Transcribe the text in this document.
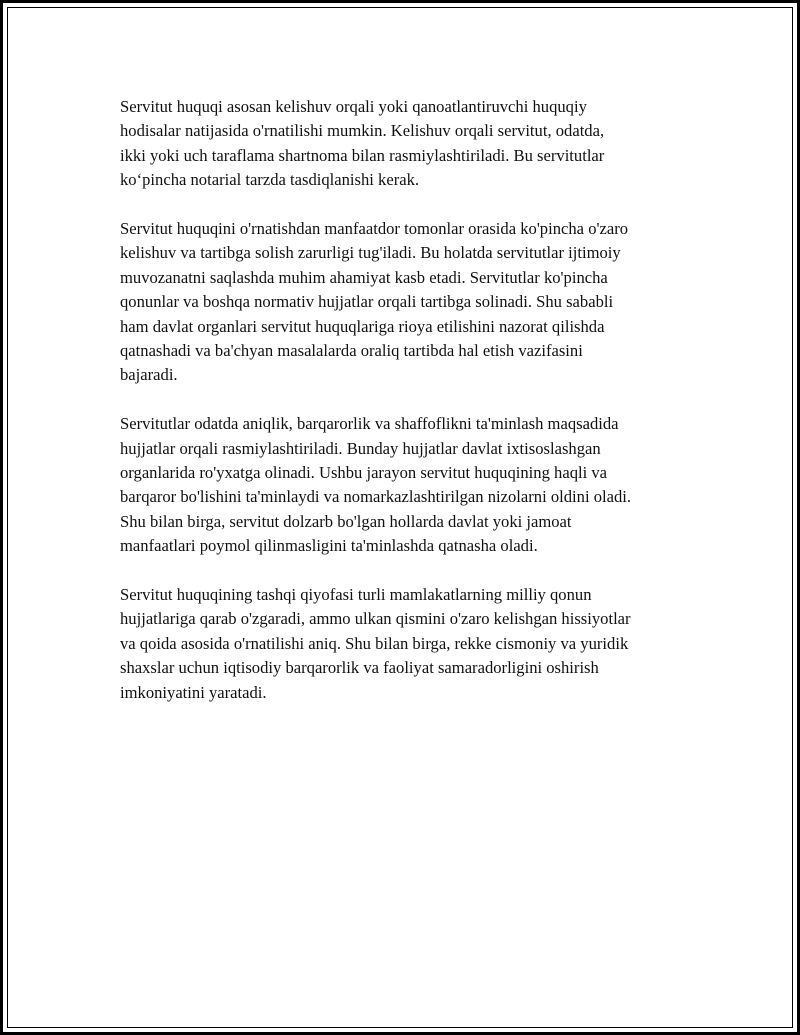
Servitut huquqi asosan kelishuv orqali yoki qanoatlantiruvchi huquqiy
hodisalar natijasida o'rnatilishi mumkin. Kelishuv orqali servitut, odatda,
ikki yoki uch taraflama shartnoma bilan rasmiylashtiriladi. Bu servitutlar
koʻpincha notarial tarzda tasdiqlanishi kerak.

Servitut huquqini o'rnatishdan manfaatdor tomonlar orasida ko'pincha o'zaro
kelishuv va tartibga solish zarurligi tug'iladi. Bu holatda servitutlar ijtimoiy
muvozanatni saqlashda muhim ahamiyat kasb etadi. Servitutlar ko'pincha
qonunlar va boshqa normativ hujjatlar orqali tartibga solinadi. Shu sababli
ham davlat organlari servitut huquqlariga rioya etilishini nazorat qilishda
qatnashadi va ba'chyan masalalarda oraliq tartibda hal etish vazifasini
bajaradi.

Servitutlar odatda aniqlik, barqarorlik va shaffoflikni ta'minlash maqsadida
hujjatlar orqali rasmiylashtiriladi. Bunday hujjatlar davlat ixtisoslashgan
organlarida ro'yxatga olinadi. Ushbu jarayon servitut huquqining haqli va
barqaror bo'lishini ta'minlaydi va nomarkazlashtirilgan nizolarni oldini oladi.
Shu bilan birga, servitut dolzarb bo'lgan hollarda davlat yoki jamoat
manfaatlari poymol qilinmasligini ta'minlashda qatnasha oladi.

Servitut huquqining tashqi qiyofasi turli mamlakatlarning milliy qonun
hujjatlariga qarab o'zgaradi, ammo ulkan qismini o'zaro kelishgan hissiyotlar
va qoida asosida o'rnatilishi aniq. Shu bilan birga, rekke cismoniy va yuridik
shaxslar uchun iqtisodiy barqarorlik va faoliyat samaradorligini oshirish
imkoniyatini yaratadi.
